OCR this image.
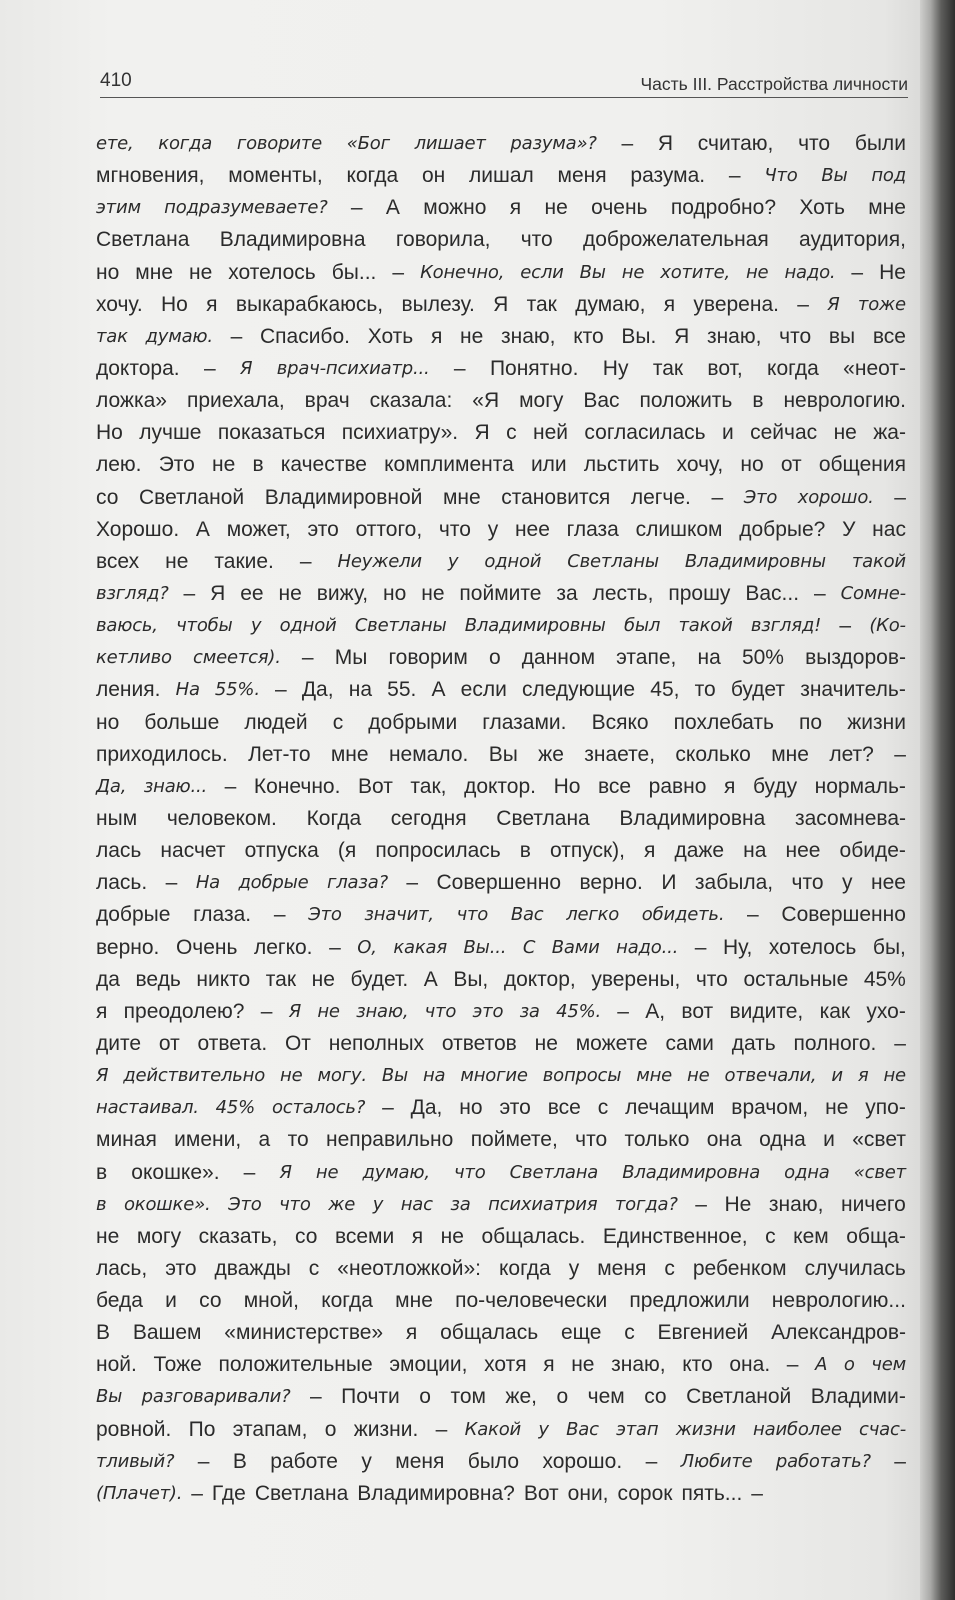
410	Часть III. Расстройства личности
ете, когда говорите «Бог лишает разума»? – Я считаю, что были
мгновения, моменты, когда он лишал меня разума. – Что Вы под
этим подразумеваете? – А можно я не очень подробно? Хоть мне
Светлана Владимировна говорила, что доброжелательная аудитория,
но мне не хотелось бы... – Конечно, если Вы не хотите, не надо. – Не
хочу. Но я выкарабкаюсь, вылезу. Я так думаю, я уверена. – Я тоже
так думаю. – Спасибо. Хоть я не знаю, кто Вы. Я знаю, что вы все
доктора. – Я врач-психиатр... – Понятно. Ну так вот, когда «неот-
ложка» приехала, врач сказала: «Я могу Вас положить в неврологию.
Но лучше показаться психиатру». Я с ней согласилась и сейчас не жа-
лею. Это не в качестве комплимента или льстить хочу, но от общения
со Светланой Владимировной мне становится легче. – Это хорошо. –
Хорошо. А может, это оттого, что у нее глаза слишком добрые? У нас
всех не такие. – Неужели у одной Светланы Владимировны такой
взгляд? – Я ее не вижу, но не поймите за лесть, прошу Вас... – Сомне-
ваюсь, чтобы у одной Светланы Владимировны был такой взгляд! – (Ко-
кетливо смеется). – Мы говорим о данном этапе, на 50% выздоров-
ления. На 55%. – Да, на 55. А если следующие 45, то будет значитель-
но больше людей с добрыми глазами. Всяко похлебать по жизни
приходилось. Лет-то мне немало. Вы же знаете, сколько мне лет? –
Да, знаю... – Конечно. Вот так, доктор. Но все равно я буду нормаль-
ным человеком. Когда сегодня Светлана Владимировна засомнева-
лась насчет отпуска (я попросилась в отпуск), я даже на нее обиде-
лась. – На добрые глаза? – Совершенно верно. И забыла, что у нее
добрые глаза. – Это значит, что Вас легко обидеть. – Совершенно
верно. Очень легко. – О, какая Вы... С Вами надо... – Ну, хотелось бы,
да ведь никто так не будет. А Вы, доктор, уверены, что остальные 45%
я преодолею? – Я не знаю, что это за 45%. – А, вот видите, как ухо-
дите от ответа. От неполных ответов не можете сами дать полного. –
Я действительно не могу. Вы на многие вопросы мне не отвечали, и я не
настаивал. 45% осталось? – Да, но это все с лечащим врачом, не упо-
миная имени, а то неправильно поймете, что только она одна и «свет
в окошке». – Я не думаю, что Светлана Владимировна одна «свет
в окошке». Это что же у нас за психиатрия тогда? – Не знаю, ничего
не могу сказать, со всеми я не общалась. Единственное, с кем обща-
лась, это дважды с «неотложкой»: когда у меня с ребенком случилась
беда и со мной, когда мне по-человечески предложили неврологию...
В Вашем «министерстве» я общалась еще с Евгенией Александров-
ной. Тоже положительные эмоции, хотя я не знаю, кто она. – А о чем
Вы разговаривали? – Почти о том же, о чем со Светланой Владими-
ровной. По этапам, о жизни. – Какой у Вас этап жизни наиболее счас-
тливый? – В работе у меня было хорошо. – Любите работать? –
(Плачет). – Где Светлана Владимировна? Вот они, сорок пять... –
